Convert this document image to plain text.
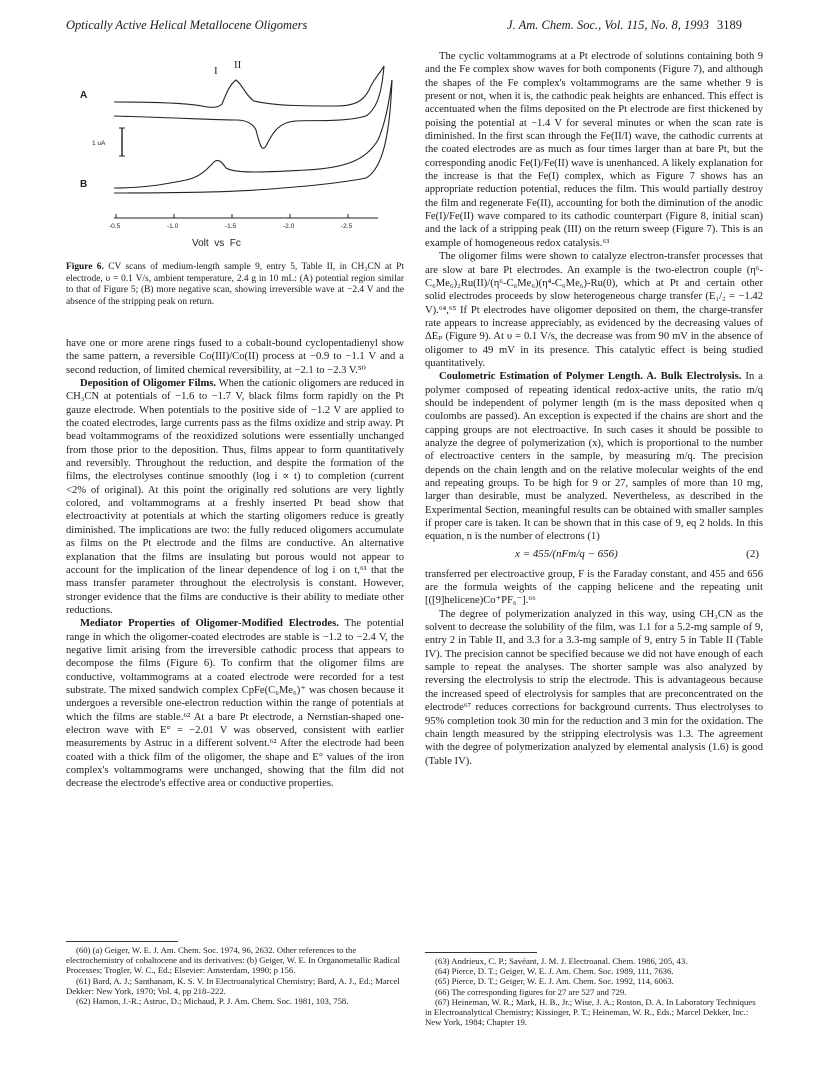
Optically Active Helical Metallocene Oligomers	J. Am. Chem. Soc., Vol. 115, No. 8, 1993 3189
I II
A
B
1 uA
-0.5	-1.0	-1.5	-2.0	-2.5
Volt  vs  Fc
Figure 6. CV scans of medium-length sample 9, entry 5, Table II, in CH₃CN at Pt electrode, υ = 0.1 V/s, ambient temperature, 2.4 g in 10 mL: (A) potential region similar to that of Figure 5; (B) more negative scan, showing irreversible wave at −2.4 V and the absence of the stripping peak on return.

have one or more arene rings fused to a cobalt-bound cyclopentadienyl show the same pattern, a reversible Co(III)/Co(II) process at −0.9 to −1.1 V and a second reduction, of limited chemical reversibility, at −2.1 to −2.3 V.⁵⁰

Deposition of Oligomer Films. When the cationic oligomers are reduced in CH₃CN at potentials of −1.6 to −1.7 V, black films form rapidly on the Pt gauze electrode. When potentials to the positive side of −1.2 V are applied to the coated electrodes, large currents pass as the films oxidize and strip away. Pt bead voltammograms of the reoxidized solutions were essentially unchanged from those prior to the deposition. Thus, films appear to form quantitatively and reversibly. Throughout the reduction, and despite the formation of the films, the electrolyses continue smoothly (log i ∝ t) to completion (current <2% of original). At this point the originally red solutions are very lightly colored, and voltammograms at a freshly inserted Pt bead show that electroactivity at potentials at which the starting oligomers reduce is greatly diminished. The implications are two: the fully reduced oligomers accumulate as films on the Pt electrode and the films are conductive. An alternative explanation that the films are insulating but porous would not appear to account for the implication of the linear dependence of log i on t,⁶¹ that the mass transfer parameter throughout the electrolysis is constant. However, stronger evidence that the films are conductive is their ability to mediate other reductions.

Mediator Properties of Oligomer-Modified Electrodes. The potential range in which the oligomer-coated electrodes are stable is −1.2 to −2.4 V, the negative limit arising from the irreversible cathodic process that appears to decompose the films (Figure 6). To confirm that the oligomer films are conductive, voltammograms at a coated electrode were recorded for a test substrate. The mixed sandwich complex CpFe(C₆Me₆)⁺ was chosen because it undergoes a reversible one-electron reduction within the range of potentials at which the films are stable.⁶² At a bare Pt electrode, a Nernstian-shaped one-electron wave with E° = −2.01 V was observed, consistent with earlier measurements by Astruc in a different solvent.⁶² After the electrode had been coated with a thick film of the oligomer, the shape and E° values of the iron complex's voltammograms were unchanged, showing that the film did not decrease the electrode's effective area or conductive properties.

(60) (a) Geiger, W. E. J. Am. Chem. Soc. 1974, 96, 2632. Other references to the electrochemistry of cobaltocene and its derivatives: (b) Geiger, W. E. In Organometallic Radical Processes; Trogler, W. C., Ed.; Elsevier: Amsterdam, 1990; p 156.

(61) Bard, A. J.; Santhanam, K. S. V. In Electroanalytical Chemistry; Bard, A. J., Ed.; Marcel Dekker: New York, 1970; Vol. 4, pp 218–222.

(62) Hamon, J.-R.; Astruc, D.; Michaud, P. J. Am. Chem. Soc. 1981, 103, 758.

The cyclic voltammograms at a Pt electrode of solutions containing both 9 and the Fe complex show waves for both components (Figure 7), and although the shapes of the Fe complex's voltammograms are the same whether 9 is present or not, when it is, the cathodic peak heights are enhanced. This effect is accentuated when the films deposited on the Pt electrode are first thickened by poising the potential at −1.4 V for several minutes or when the scan rate is diminished. In the first scan through the Fe(II/I) wave, the cathodic currents at the coated electrodes are as much as four times larger than at bare Pt, but the corresponding anodic Fe(I)/Fe(II) wave is unenhanced. A likely explanation for the increase is that the Fe(I) complex, which as Figure 7 shows has an appropriate reduction potential, reduces the film. This would partially destroy the film and regenerate Fe(II), accounting for both the diminution of the anodic Fe(I)/Fe(II) wave compared to its cathodic counterpart (Figure 8, initial scan) and the lack of a stripping peak (III) on the return sweep (Figure 7). This is an example of homogeneous redox catalysis.⁶³

The oligomer films were shown to catalyze electron-transfer processes that are slow at bare Pt electrodes. An example is the two-electron couple (η⁶-C₆Me₆)₂Ru(II)/(η⁶-C₆Me₆)(η⁴-C₆Me₆)-Ru(0), which at Pt and certain other solid electrodes proceeds by slow heterogeneous charge transfer (E₁/₂ = −1.42 V).⁶⁴,⁶⁵ If Pt electrodes have oligomer deposited on them, the charge-transfer rate appears to increase appreciably, as evidenced by the decreasing values of ΔEₚ (Figure 9). At υ = 0.1 V/s, the decrease was from 90 mV in the absence of oligomer to 49 mV in its presence. This catalytic effect is being studied quantitatively.

Coulometric Estimation of Polymer Length. A. Bulk Electrolysis. In a polymer composed of repeating identical redox-active units, the ratio m/q should be independent of polymer length (m is the mass deposited when q coulombs are passed). An exception is expected if the chains are short and the capping groups are not electroactive. In such cases it should be possible to analyze the degree of polymerization (x), which is proportional to the number of electroactive centers in the sample, by measuring m/q. The precision depends on the chain length and on the relative molecular weights of the end and repeating groups. To be high for 9 or 27, samples of more than 10 mg, larger than desirable, must be analyzed. Nevertheless, as described in the Experimental Section, meaningful results can be obtained with smaller samples if proper care is taken. It can be shown that in this case of 9, eq 2 holds. In this equation, n is the number of electrons (1)

x = 455/(nFm/q − 656)	(2)

transferred per electroactive group, F is the Faraday constant, and 455 and 656 are the formula weights of the capping helicene and the repeating unit [([9]helicene)Co⁺PF₆⁻].⁶⁶

The degree of polymerization analyzed in this way, using CH₃CN as the solvent to decrease the solubility of the film, was 1.1 for a 5.2-mg sample of 9, entry 2 in Table II, and 3.3 for a 3.3-mg sample of 9, entry 5 in Table II (Table IV). The precision cannot be specified because we did not have enough of each sample to repeat the analyses. The shorter sample was also analyzed by reversing the electrolysis to strip the electrode. This is advantageous because the increased speed of electrolysis for samples that are preconcentrated on the electrode⁶⁷ reduces corrections for background currents. Thus electrolyses to 95% completion took 30 min for the reduction and 3 min for the oxidation. The chain length measured by the stripping electrolysis was 1.3. The agreement with the degree of polymerization analyzed by elemental analysis (1.6) is good (Table IV).

(63) Andrieux, C. P.; Savéant, J. M. J. Electroanal. Chem. 1986, 205, 43.

(64) Pierce, D. T.; Geiger, W. E. J. Am. Chem. Soc. 1989, 111, 7636.

(65) Pierce, D. T.; Geiger, W. E. J. Am. Chem. Soc. 1992, 114, 6063.

(66) The corresponding figures for 27 are 527 and 729.

(67) Heineman, W. R.; Mark, H. B., Jr.; Wise, J. A.; Roston, D. A. In Laboratory Techniques in Electroanalytical Chemistry; Kissinger, P. T.; Heineman, W. R., Eds.; Marcel Dekker, Inc.: New York, 1984; Chapter 19.
